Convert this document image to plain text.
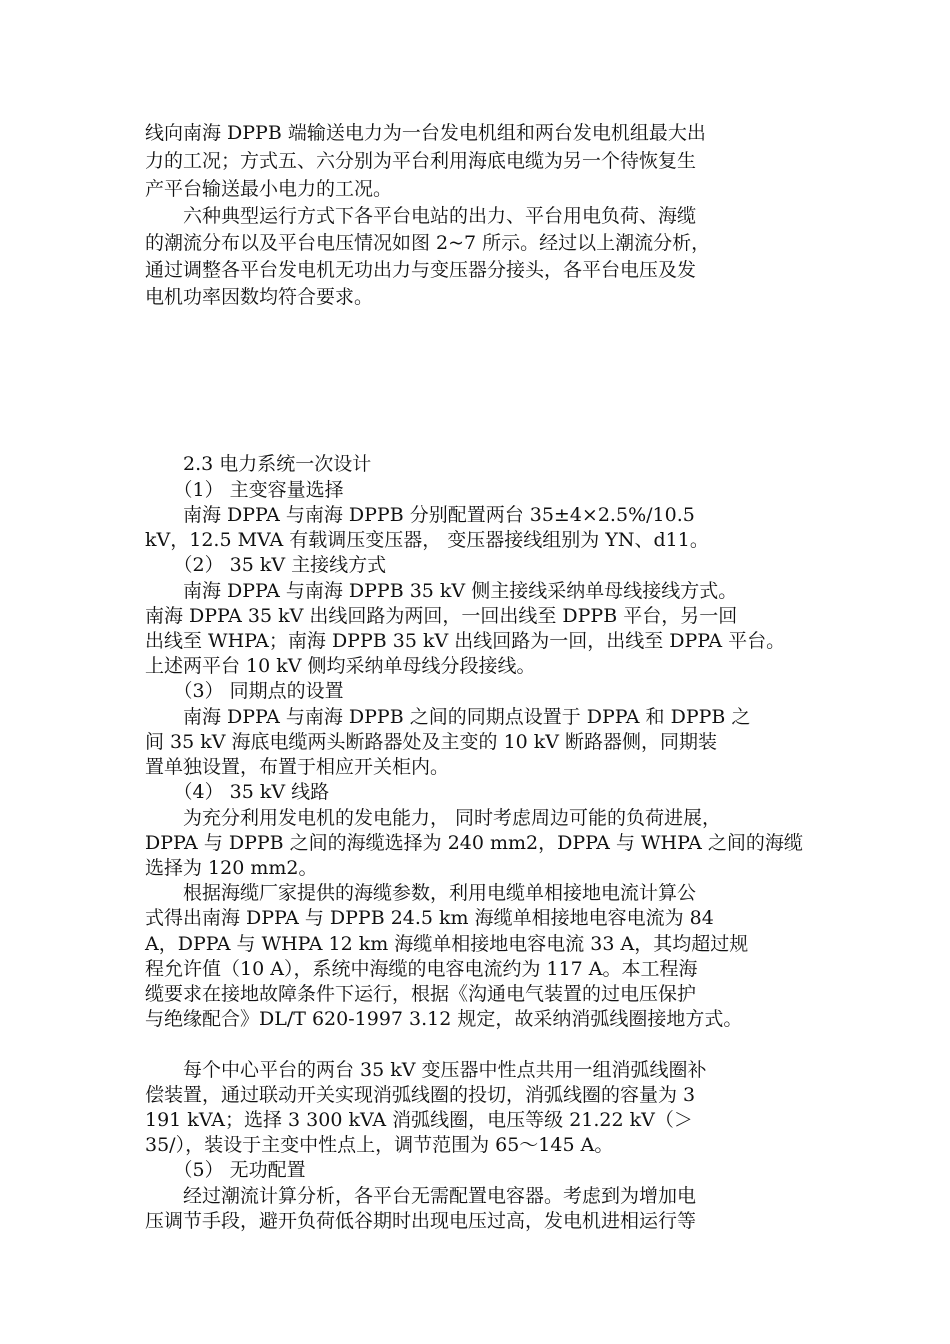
线向南海 DPPB 端输送电力为一台发电机组和两台发电机组最大出
力的工况；方式五、六分别为平台利用海底电缆为另一个待恢复生
产平台输送最小电力的工况。
　　六种典型运行方式下各平台电站的出力、平台用电负荷、海缆
的潮流分布以及平台电压情况如图 2~7 所示。经过以上潮流分析，
通过调整各平台发电机无功出力与变压器分接头，各平台电压及发
电机功率因数均符合要求。
　　2.3 电力系统一次设计
　　（1） 主变容量选择
　　南海 DPPA 与南海 DPPB 分别配置两台 35±4×2.5%/10.5
kV，12.5 MVA 有载调压变压器， 变压器接线组别为 YN、d11。
　　（2） 35 kV 主接线方式
　　南海 DPPA 与南海 DPPB 35 kV 侧主接线采纳单母线接线方式。
南海 DPPA 35 kV 出线回路为两回，一回出线至 DPPB 平台，另一回
出线至 WHPA；南海 DPPB 35 kV 出线回路为一回，出线至 DPPA 平台。
上述两平台 10 kV 侧均采纳单母线分段接线。
　　（3） 同期点的设置
　　南海 DPPA 与南海 DPPB 之间的同期点设置于 DPPA 和 DPPB 之
间 35 kV 海底电缆两头断路器处及主变的 10 kV 断路器侧，同期装
置单独设置，布置于相应开关柜内。
　　（4） 35 kV 线路
　　为充分利用发电机的发电能力， 同时考虑周边可能的负荷进展，
DPPA 与 DPPB 之间的海缆选择为 240 mm2，DPPA 与 WHPA 之间的海缆
选择为 120 mm2。
　　根据海缆厂家提供的海缆参数，利用电缆单相接地电流计算公
式得出南海 DPPA 与 DPPB 24.5 km 海缆单相接地电容电流为 84
A，DPPA 与 WHPA 12 km 海缆单相接地电容电流 33 A，其均超过规
程允许值（10 A），系统中海缆的电容电流约为 117 A。本工程海
缆要求在接地故障条件下运行，根据《沟通电气装置的过电压保护
与绝缘配合》DL/T 620-1997 3.12 规定，故采纳消弧线圈接地方式。
　　每个中心平台的两台 35 kV 变压器中性点共用一组消弧线圈补
偿装置，通过联动开关实现消弧线圈的投切，消弧线圈的容量为 3
191 kVA；选择 3 300 kVA 消弧线圈，电压等级 21.22 kV（＞
35/），装设于主变中性点上，调节范围为 65～145 A。
　　（5） 无功配置
　　经过潮流计算分析，各平台无需配置电容器。考虑到为增加电
压调节手段，避开负荷低谷期时出现电压过高，发电机进相运行等
